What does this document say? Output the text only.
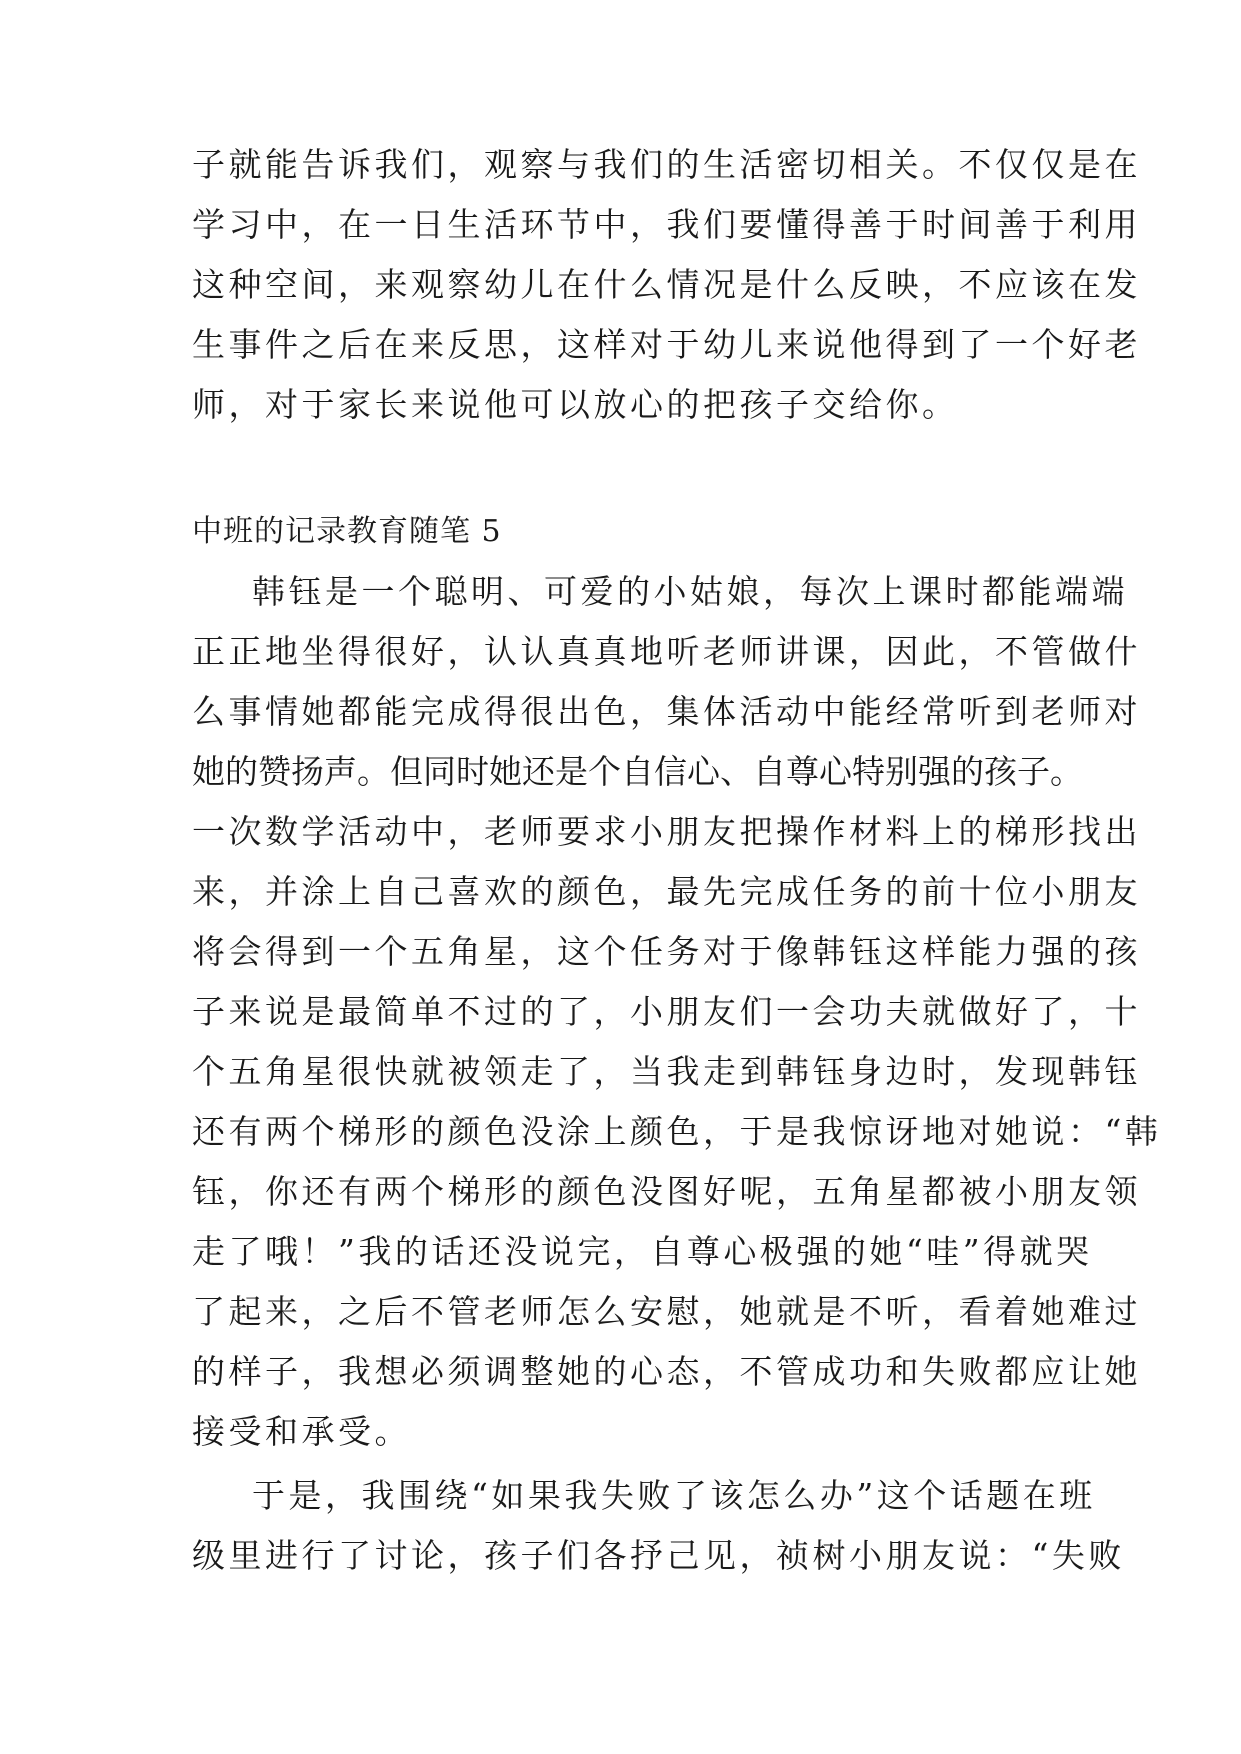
子就能告诉我们，观察与我们的生活密切相关。不仅仅是在
学习中，在一日生活环节中，我们要懂得善于时间善于利用
这种空间，来观察幼儿在什么情况是什么反映，不应该在发
生事件之后在来反思，这样对于幼儿来说他得到了一个好老
师，对于家长来说他可以放心的把孩子交给你。
中班的记录教育随笔 5
韩钰是一个聪明、可爱的小姑娘，每次上课时都能端端
正正地坐得很好，认认真真地听老师讲课，因此，不管做什
么事情她都能完成得很出色，集体活动中能经常听到老师对
她的赞扬声。但同时她还是个自信心、自尊心特别强的孩子。
一次数学活动中，老师要求小朋友把操作材料上的梯形找出
来，并涂上自己喜欢的颜色，最先完成任务的前十位小朋友
将会得到一个五角星，这个任务对于像韩钰这样能力强的孩
子来说是最简单不过的了，小朋友们一会功夫就做好了，十
个五角星很快就被领走了，当我走到韩钰身边时，发现韩钰
还有两个梯形的颜色没涂上颜色，于是我惊讶地对她说：“韩
钰，你还有两个梯形的颜色没图好呢，五角星都被小朋友领
走了哦！”我的话还没说完，自尊心极强的她“哇”得就哭
了起来，之后不管老师怎么安慰，她就是不听，看着她难过
的样子，我想必须调整她的心态，不管成功和失败都应让她
接受和承受。
于是，我围绕“如果我失败了该怎么办”这个话题在班
级里进行了讨论，孩子们各抒己见，祯树小朋友说：“失败
